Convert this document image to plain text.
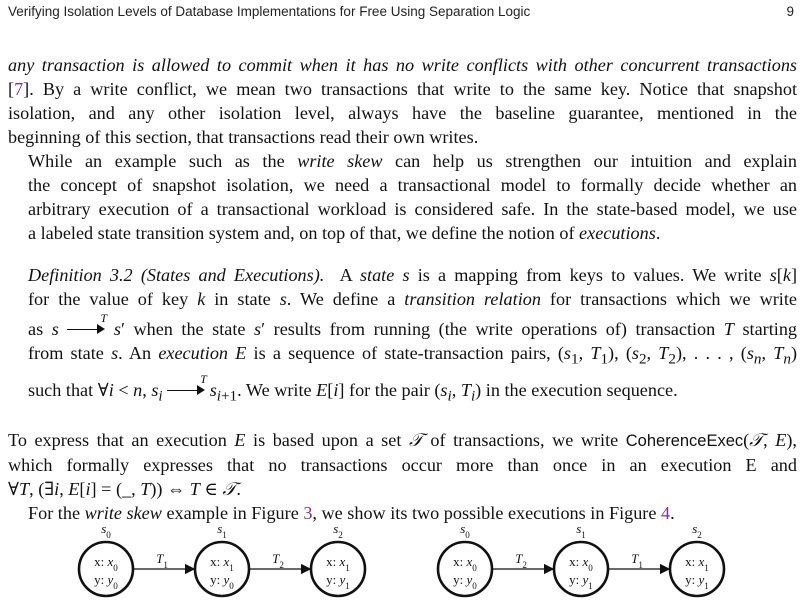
Verifying Isolation Levels of Database Implementations for Free Using Separation Logic	9

any transaction is allowed to commit when it has no write conflicts with other concurrent transactions
[7]. By a write conflict, we mean two transactions that write to the same key. Notice that snapshot
isolation, and any other isolation level, always have the baseline guarantee, mentioned in the
beginning of this section, that transactions read their own writes.

While an example such as the write skew can help us strengthen our intuition and explain
the concept of snapshot isolation, we need a transactional model to formally decide whether an
arbitrary execution of a transactional workload is considered safe. In the state-based model, we use
a labeled state transition system and, on top of that, we define the notion of executions.

Definition 3.2 (States and Executions). A state s is a mapping from keys to values. We write s[k]
for the value of key k in state s. We define a transition relation for transactions which we write
as s
T
s′ when the state s′ results from running (the write operations of) transaction T starting
from state s. An execution E is a sequence of state-transaction pairs, ($s_1$, $T_1$), ($s_2$, $T_2$), . . . , ($s_n$, $T_n$)
such that ∀i < n, $s_i$
T
$s_{i+1}$. We write E[i] for the pair ($s_i$, $T_i$) in the execution sequence.

To express that an execution E is based upon a set 𝒯 of transactions, we write CoherenceExec(𝒯, E),
which formally expresses that no transactions occur more than once in an execution E and
∀T, (∃i, E[i] = (_, T)) ⇔ T ∈ 𝒯.

For the write skew example in Figure 3, we show its two possible executions in Figure 4.

$s_0$
x: $x_0$
y: $y_0$
$s_1$
x: $x_1$
y: $y_0$
$s_2$
x: $x_1$
y: $y_1$
$T_1$	$T_2$
$s_0$
x: $x_0$
y: $y_0$
$s_1$
x: $x_0$
y: $y_1$
$s_2$
x: $x_1$
y: $y_1$
$T_2$	$T_1$
